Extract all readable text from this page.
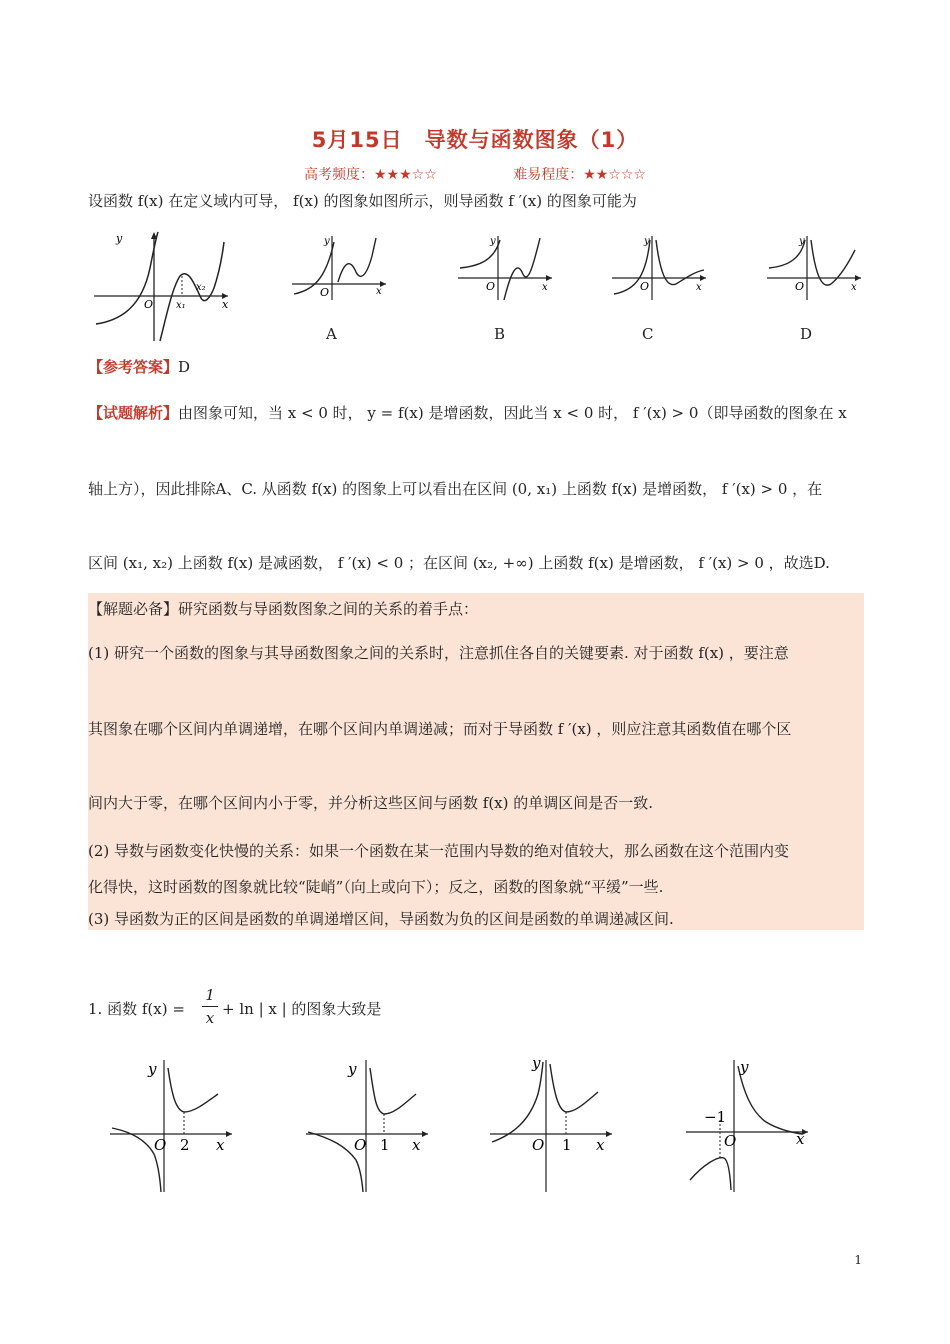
5月15日　导数与函数图象（1）
高考频度：★★★☆☆	难易程度：★★☆☆☆
设函数 f(x) 在定义域内可导， f(x) 的图象如图所示，则导函数 f ′(x) 的图象可能为
y
x
O x₁
x₂	O	x
y
A
O	x
y
B
O	x
y
C
O	x
y
D
【参考答案】D
【试题解析】由图象可知，当 x < 0 时， y = f(x) 是增函数，因此当 x < 0 时， f ′(x) > 0（即导函数的图象在 x
轴上方），因此排除A、C. 从函数 f(x) 的图象上可以看出在区间 (0, x₁) 上函数 f(x) 是增函数， f ′(x) > 0 ，在
区间 (x₁, x₂) 上函数 f(x) 是减函数， f ′(x) < 0 ；在区间 (x₂, +∞) 上函数 f(x) 是增函数， f ′(x) > 0 ，故选D.
【解题必备】研究函数与导函数图象之间的关系的着手点：
(1) 研究一个函数的图象与其导函数图象之间的关系时，注意抓住各自的关键要素. 对于函数 f(x) ，要注意
其图象在哪个区间内单调递增，在哪个区间内单调递减；而对于导函数 f ′(x) ，则应注意其函数值在哪个区
间内大于零，在哪个区间内小于零，并分析这些区间与函数 f(x) 的单调区间是否一致.
(2) 导数与函数变化快慢的关系：如果一个函数在某一范围内导数的绝对值较大，那么函数在这个范围内变
化得快，这时函数的图象就比较“陡峭”（向上或向下）；反之，函数的图象就“平缓”一些.
(3) 导函数为正的区间是函数的单调递增区间，导函数为负的区间是函数的单调递减区间.
1. 函数 f(x) =
1
x + ln | x | 的图象大致是
y
O 2 x
y
O 1 x
y
O 1 x
y
O
−1
x
1
